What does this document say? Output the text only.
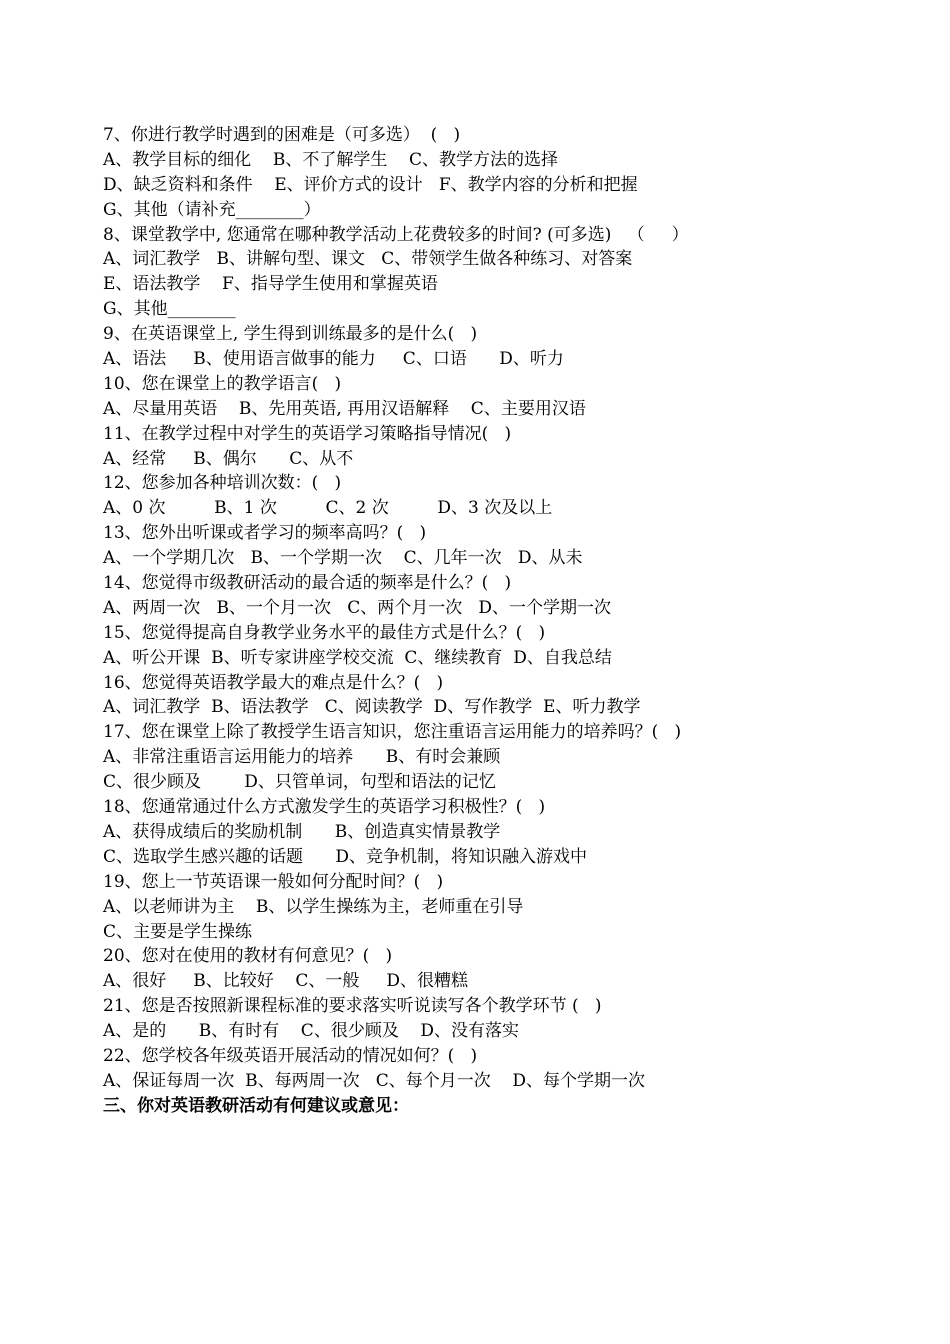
7、你进行教学时遇到的困难是（可多选）  (   )
A、教学目标的细化    B、不了解学生    C、教学方法的选择
D、缺乏资料和条件    E、评价方式的设计   F、教学内容的分析和把握
G、其他（请补充________）
8、课堂教学中, 您通常在哪种教学活动上花费较多的时间? (可多选)   （     ）
A、词汇教学   B、讲解句型、课文   C、带领学生做各种练习、对答案
E、语法教学    F、指导学生使用和掌握英语
G、其他________
9、在英语课堂上, 学生得到训练最多的是什么(   )
A、语法     B、使用语言做事的能力     C、口语      D、听力
10、您在课堂上的教学语言(   )
A、尽量用英语    B、先用英语, 再用汉语解释    C、主要用汉语
11、在教学过程中对学生的英语学习策略指导情况(   )
A、经常     B、偶尔      C、从不
12、您参加各种培训次数：(   )
A、0 次         B、1 次         C、2 次         D、3 次及以上
13、您外出听课或者学习的频率高吗？(   )
A、一个学期几次   B、一个学期一次    C、几年一次   D、从未
14、您觉得市级教研活动的最合适的频率是什么？(   )
A、两周一次   B、一个月一次   C、两个月一次   D、一个学期一次
15、您觉得提高自身教学业务水平的最佳方式是什么？(   )
A、听公开课  B、听专家讲座学校交流  C、继续教育  D、自我总结
16、您觉得英语教学最大的难点是什么？(   )
A、词汇教学  B、语法教学   C、阅读教学  D、写作教学  E、听力教学
17、您在课堂上除了教授学生语言知识，您注重语言运用能力的培养吗？(   )
A、非常注重语言运用能力的培养      B、有时会兼顾
C、很少顾及        D、只管单词，句型和语法的记忆
18、您通常通过什么方式激发学生的英语学习积极性？(   )
A、获得成绩后的奖励机制      B、创造真实情景教学
C、选取学生感兴趣的话题      D、竞争机制，将知识融入游戏中
19、您上一节英语课一般如何分配时间？(   )
A、以老师讲为主    B、以学生操练为主，老师重在引导
C、主要是学生操练
20、您对在使用的教材有何意见？(   )
A、很好     B、比较好    C、一般     D、很糟糕
21、您是否按照新课程标准的要求落实听说读写各个教学环节 (   )
A、是的      B、有时有    C、很少顾及    D、没有落实
22、您学校各年级英语开展活动的情况如何？(   )
A、保证每周一次  B、每两周一次   C、每个月一次    D、每个学期一次
三、你对英语教研活动有何建议或意见：
